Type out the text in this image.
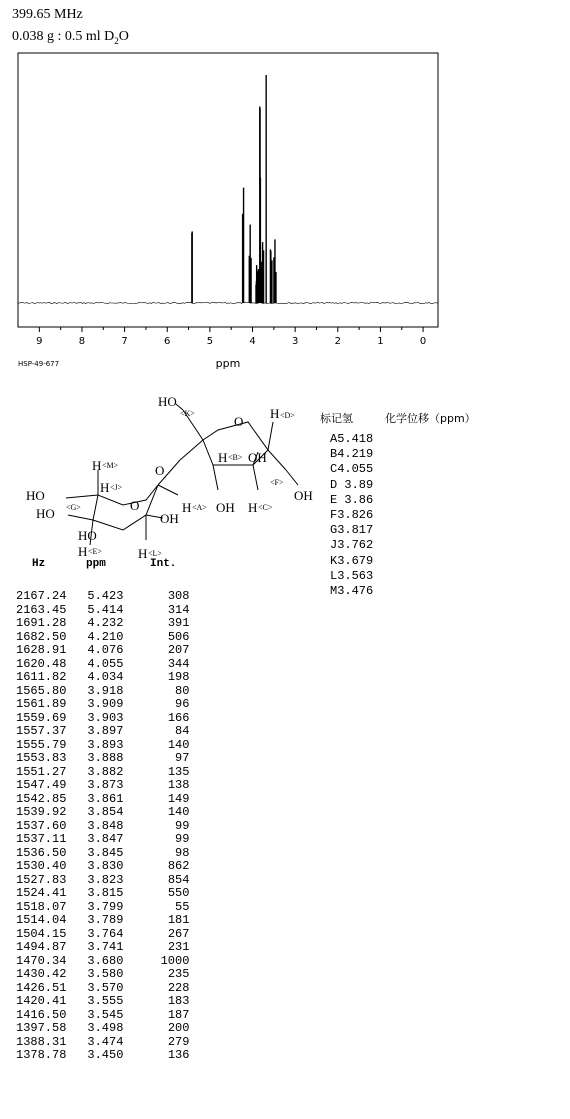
399.65 MHz
0.038 g : 0.5 ml $D_2O$
9	8	7	6	5	4	3	2	1	0
ppm
HSP-49-677
HO
<K>
O
H <D>
O
H <M>
H <J>
H <B> OH
<F>
OH
HO
<G>
HO
O	H <A>
OH
OH H <C>
HO
H <E>	H <L>
Hz	ppm	Int.
2167.24	5.423	308
2163.45	5.414	314
1691.28	4.232	391
1682.50	4.210	506
1628.91	4.076	207
1620.48	4.055	344
1611.82	4.034	198
1565.80	3.918	80
1561.89	3.909	96
1559.69	3.903	166
1557.37	3.897	84
1555.79	3.893	140
1553.83	3.888	97
1551.27	3.882	135
1547.49	3.873	138
1542.85	3.861	149
1539.92	3.854	140
1537.60	3.848	99
1537.11	3.847	99
1536.50	3.845	98
1530.40	3.830	862
1527.83	3.823	854
1524.41	3.815	550
1518.07	3.799	55
1514.04	3.789	181
1504.15	3.764	267
1494.87	3.741	231
1470.34	3.680	1000
1430.42	3.580	235
1426.51	3.570	228
1420.41	3.555	183
1416.50	3.545	187
1397.58	3.498	200
1388.31	3.474	279
1378.78	3.450	136
标记氢	化学位移（ppm）
A	5.418
B	4.219
C	4.055
D	3.89
E	3.86
F	3.826
G	3.817
J	3.762
K	3.679
L	3.563
M	3.476
